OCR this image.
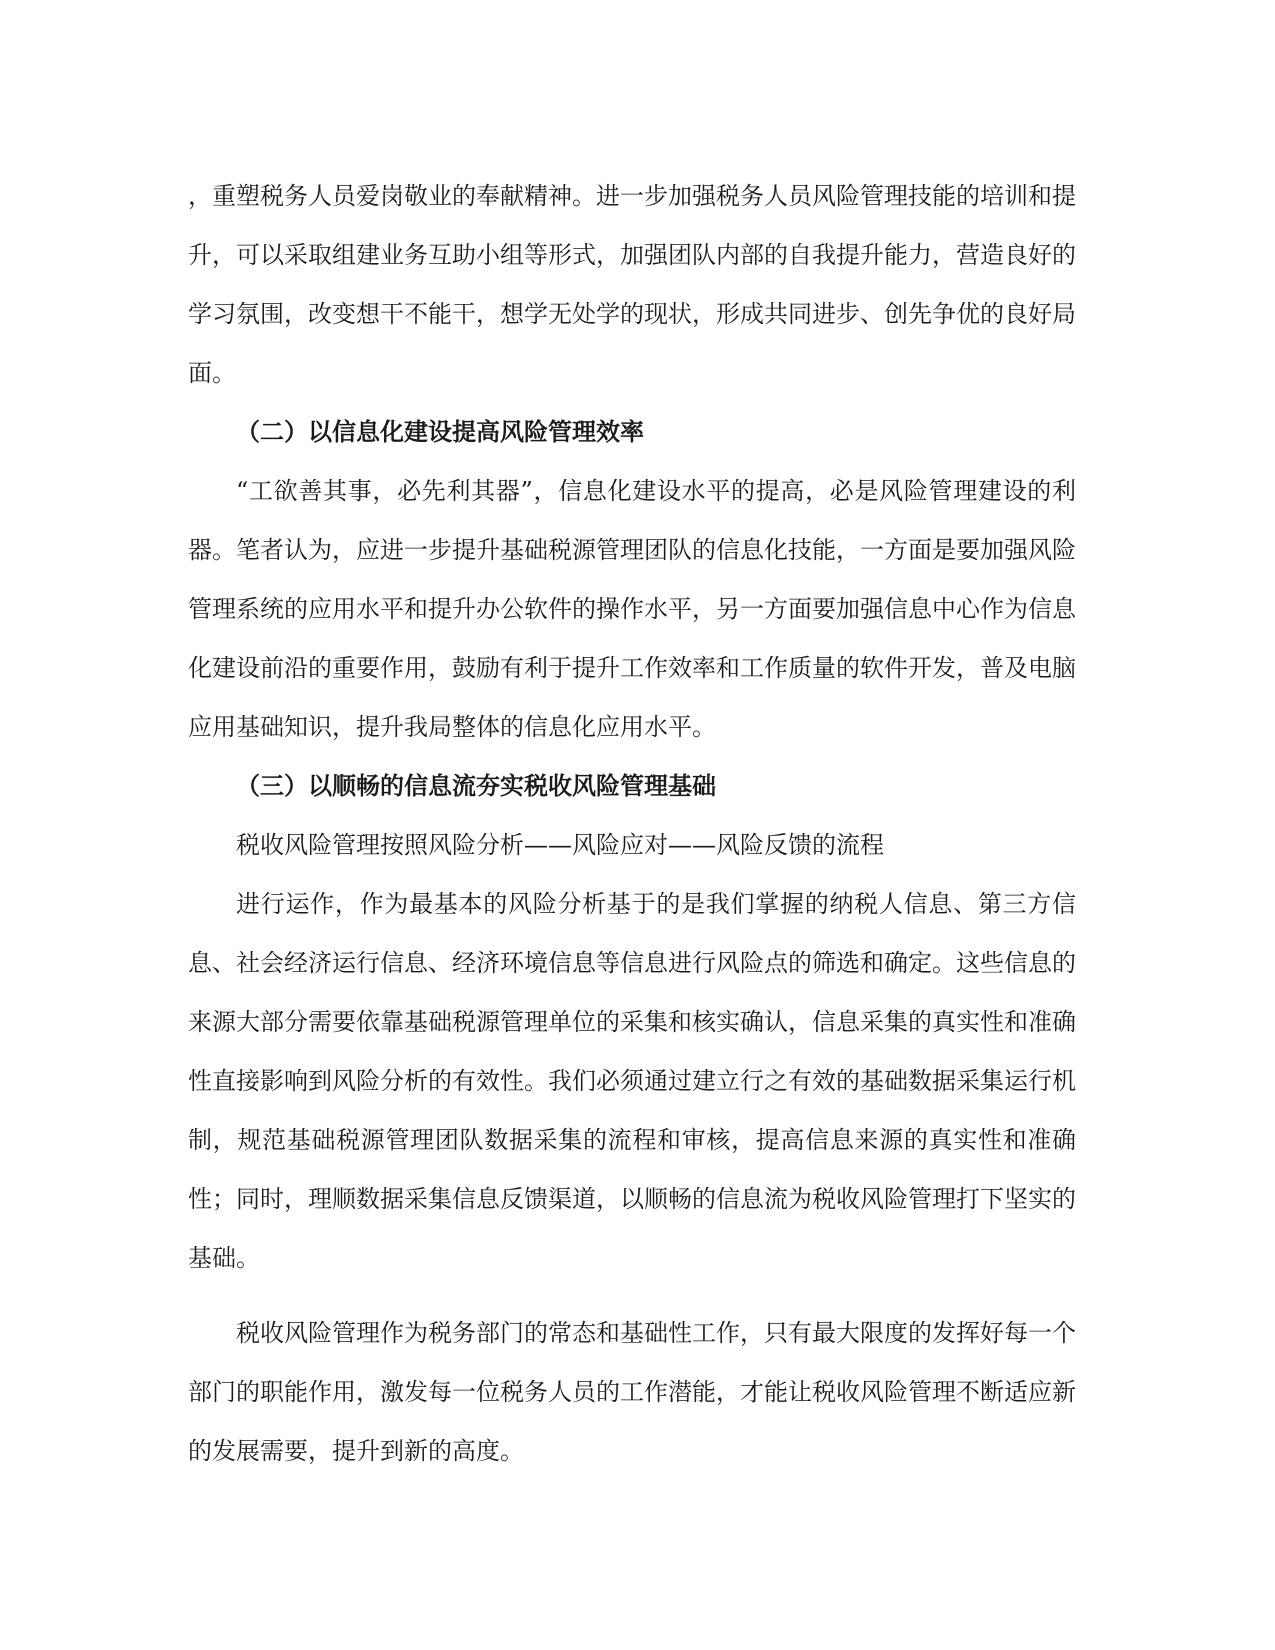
，重塑税务人员爱岗敬业的奉献精神。进一步加强税务人员风险管理技能的培训和提升，可以采取组建业务互助小组等形式，加强团队内部的自我提升能力，营造良好的学习氛围，改变想干不能干，想学无处学的现状，形成共同进步、创先争优的良好局面。

（二）以信息化建设提高风险管理效率

“工欲善其事，必先利其器”，信息化建设水平的提高，必是风险管理建设的利器。笔者认为，应进一步提升基础税源管理团队的信息化技能，一方面是要加强风险管理系统的应用水平和提升办公软件的操作水平，另一方面要加强信息中心作为信息化建设前沿的重要作用，鼓励有利于提升工作效率和工作质量的软件开发，普及电脑应用基础知识，提升我局整体的信息化应用水平。

（三）以顺畅的信息流夯实税收风险管理基础

税收风险管理按照风险分析——风险应对——风险反馈的流程

进行运作，作为最基本的风险分析基于的是我们掌握的纳税人信息、第三方信息、社会经济运行信息、经济环境信息等信息进行风险点的筛选和确定。这些信息的来源大部分需要依靠基础税源管理单位的采集和核实确认，信息采集的真实性和准确性直接影响到风险分析的有效性。我们必须通过建立行之有效的基础数据采集运行机制，规范基础税源管理团队数据采集的流程和审核，提高信息来源的真实性和准确性；同时，理顺数据采集信息反馈渠道，以顺畅的信息流为税收风险管理打下坚实的基础。

税收风险管理作为税务部门的常态和基础性工作，只有最大限度的发挥好每一个部门的职能作用，激发每一位税务人员的工作潜能，才能让税收风险管理不断适应新的发展需要，提升到新的高度。
